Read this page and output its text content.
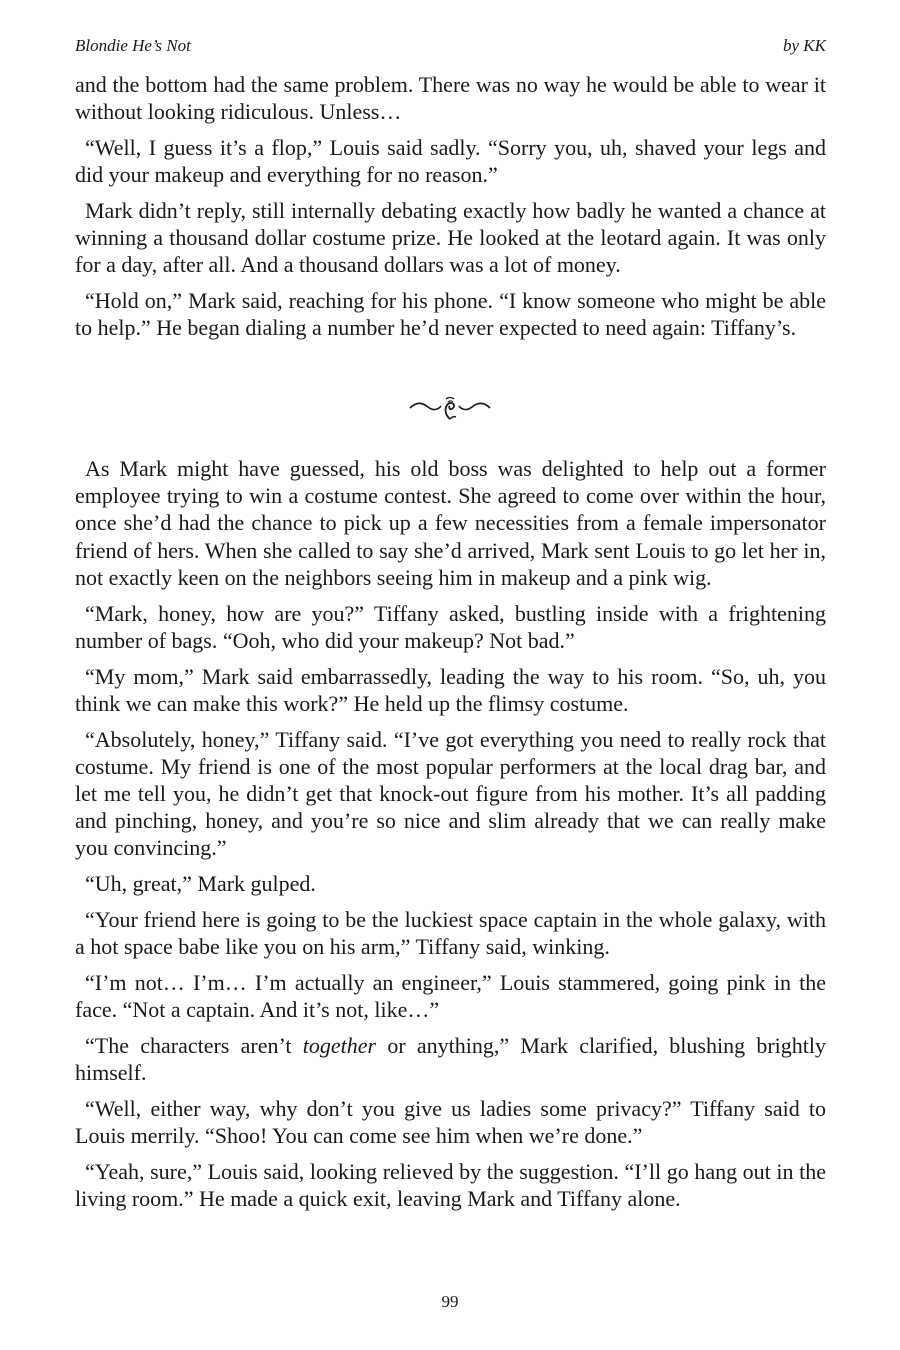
Blondie He’s Not	by KK

and the bottom had the same problem. There was no way he would be able to wear it without looking ridiculous. Unless…

“Well, I guess it’s a flop,” Louis said sadly. “Sorry you, uh, shaved your legs and did your makeup and everything for no reason.”

Mark didn’t reply, still internally debating exactly how badly he wanted a chance at winning a thousand dollar costume prize. He looked at the leotard again. It was only for a day, after all. And a thousand dollars was a lot of money.

“Hold on,” Mark said, reaching for his phone. “I know someone who might be able to help.” He began dialing a number he’d never expected to need again: Tiffany’s.

As Mark might have guessed, his old boss was delighted to help out a former employee trying to win a costume contest. She agreed to come over within the hour, once she’d had the chance to pick up a few necessities from a female impersonator friend of hers. When she called to say she’d arrived, Mark sent Louis to go let her in, not exactly keen on the neighbors seeing him in makeup and a pink wig.

“Mark, honey, how are you?” Tiffany asked, bustling inside with a frightening number of bags. “Ooh, who did your makeup? Not bad.”

“My mom,” Mark said embarrassedly, leading the way to his room. “So, uh, you think we can make this work?” He held up the flimsy costume.

“Absolutely, honey,” Tiffany said. “I’ve got everything you need to really rock that costume. My friend is one of the most popular performers at the local drag bar, and let me tell you, he didn’t get that knock-out figure from his mother. It’s all padding and pinching, honey, and you’re so nice and slim already that we can really make you convincing.”

“Uh, great,” Mark gulped.

“Your friend here is going to be the luckiest space captain in the whole galaxy, with a hot space babe like you on his arm,” Tiffany said, winking.

“I’m not… I’m… I’m actually an engineer,” Louis stammered, going pink in the face. “Not a captain. And it’s not, like…”

“The characters aren’t together or anything,” Mark clarified, blushing brightly himself.

“Well, either way, why don’t you give us ladies some privacy?” Tiffany said to Louis merrily. “Shoo! You can come see him when we’re done.”

“Yeah, sure,” Louis said, looking relieved by the suggestion. “I’ll go hang out in the living room.” He made a quick exit, leaving Mark and Tiffany alone.

99
